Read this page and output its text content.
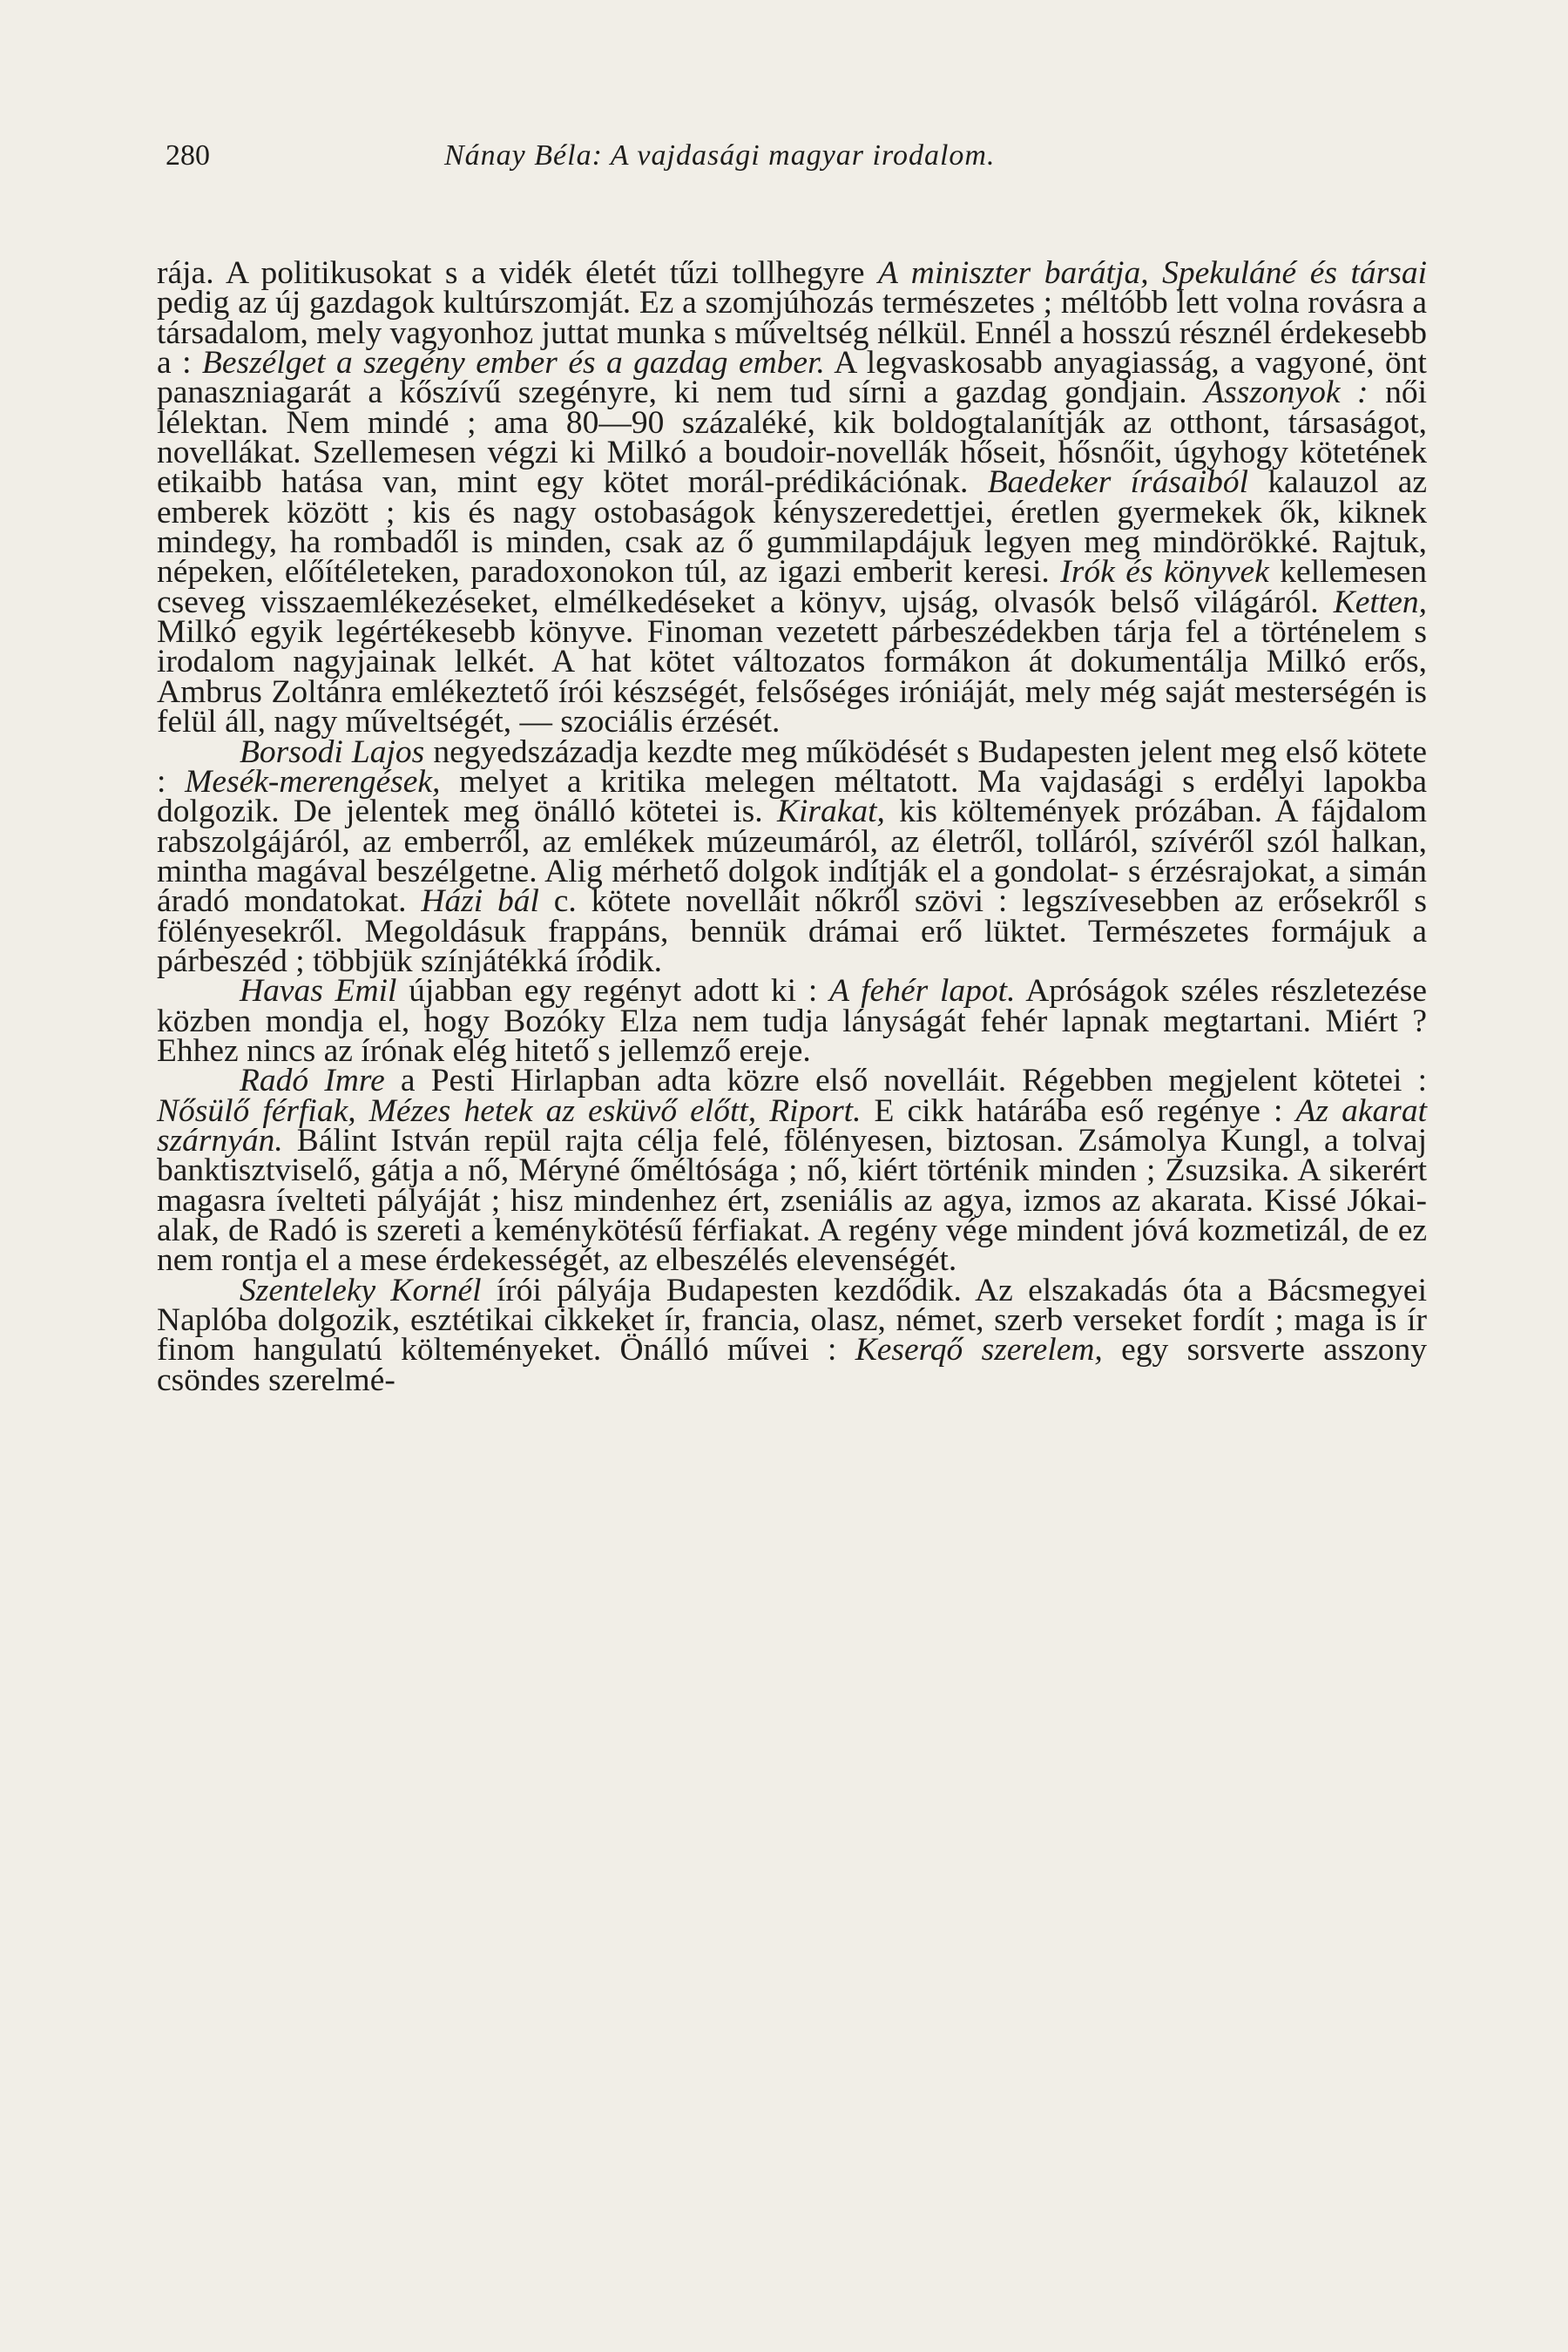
280	Nánay Béla: A vajdasági magyar irodalom.

rája. A politikusokat s a vidék életét tűzi tollhegyre A miniszter barátja, Spekuláné és társai pedig az új gazdagok kultúrszomját. Ez a szomjúhozás természetes ; méltóbb lett volna rovásra a társadalom, mely vagyonhoz juttat munka s műveltség nélkül. Ennél a hosszú résznél érdekesebb a : Beszélget a szegény ember és a gazdag ember. A legvaskosabb anyagiasság, a vagyoné, önt panaszniagarát a kőszívű szegényre, ki nem tud sírni a gazdag gondjain. Asszonyok : női lélektan. Nem mindé ; ama 80—90 százaléké, kik boldogtalanítják az otthont, társaságot, novellákat. Szellemesen végzi ki Milkó a boudoir-novellák hőseit, hősnőit, úgyhogy kötetének etikaibb hatása van, mint egy kötet morál-prédikációnak. Baedeker írásaiból kalauzol az emberek között ; kis és nagy ostobaságok kényszeredettjei, éretlen gyermekek ők, kiknek mindegy, ha rombadől is minden, csak az ő gummilapdájuk legyen meg mindörökké. Rajtuk, népeken, előítéleteken, paradoxonokon túl, az igazi emberit keresi. Irók és könyvek kellemesen cseveg visszaemlékezéseket, elmélkedéseket a könyv, ujság, olvasók belső világáról. Ketten, Milkó egyik legértékesebb könyve. Finoman vezetett párbeszédekben tárja fel a történelem s irodalom nagyjainak lelkét. A hat kötet változatos formákon át dokumentálja Milkó erős, Ambrus Zoltánra emlékeztető írói készségét, felsőséges iróniáját, mely még saját mesterségén is felül áll, nagy műveltségét, — szociális érzését.

Borsodi Lajos negyedszázadja kezdte meg működését s Budapesten jelent meg első kötete : Mesék-merengések, melyet a kritika melegen méltatott. Ma vajdasági s erdélyi lapokba dolgozik. De jelentek meg önálló kötetei is. Kirakat, kis költemények prózában. A fájdalom rabszolgájáról, az emberről, az emlékek múzeumáról, az életről, tolláról, szívéről szól halkan, mintha magával beszélgetne. Alig mérhető dolgok indítják el a gondolat- s érzésrajokat, a simán áradó mondatokat. Házi bál c. kötete novelláit nőkről szövi : legszívesebben az erősekről s fölényesekről. Megoldásuk frappáns, bennük drámai erő lüktet. Természetes formájuk a párbeszéd ; többjük színjátékká íródik.

Havas Emil újabban egy regényt adott ki : A fehér lapot. Apróságok széles részletezése közben mondja el, hogy Bozóky Elza nem tudja lányságát fehér lapnak megtartani. Miért ? Ehhez nincs az írónak elég hitető s jellemző ereje.

Radó Imre a Pesti Hirlapban adta közre első novelláit. Régebben megjelent kötetei : Nősülő férfiak, Mézes hetek az esküvő előtt, Riport. E cikk határába eső regénye : Az akarat szárnyán. Bálint István repül rajta célja felé, fölényesen, biztosan. Zsámolya Kungl, a tolvaj banktisztviselő, gátja a nő, Méryné őméltósága ; nő, kiért történik minden ; Zsuzsika. A sikerért magasra ívelteti pályáját ; hisz mindenhez ért, zseniális az agya, izmos az akarata. Kissé Jókai-alak, de Radó is szereti a keménykötésű férfiakat. A regény vége mindent jóvá kozmetizál, de ez nem rontja el a mese érdekességét, az elbeszélés elevenségét.

Szenteleky Kornél írói pályája Budapesten kezdődik. Az elszakadás óta a Bácsmegyei Naplóba dolgozik, esztétikai cikkeket ír, francia, olasz, német, szerb verseket fordít ; maga is ír finom hangulatú költeményeket. Önálló művei : Keserqő szerelem, egy sorsverte asszony csöndes szerelmé-
